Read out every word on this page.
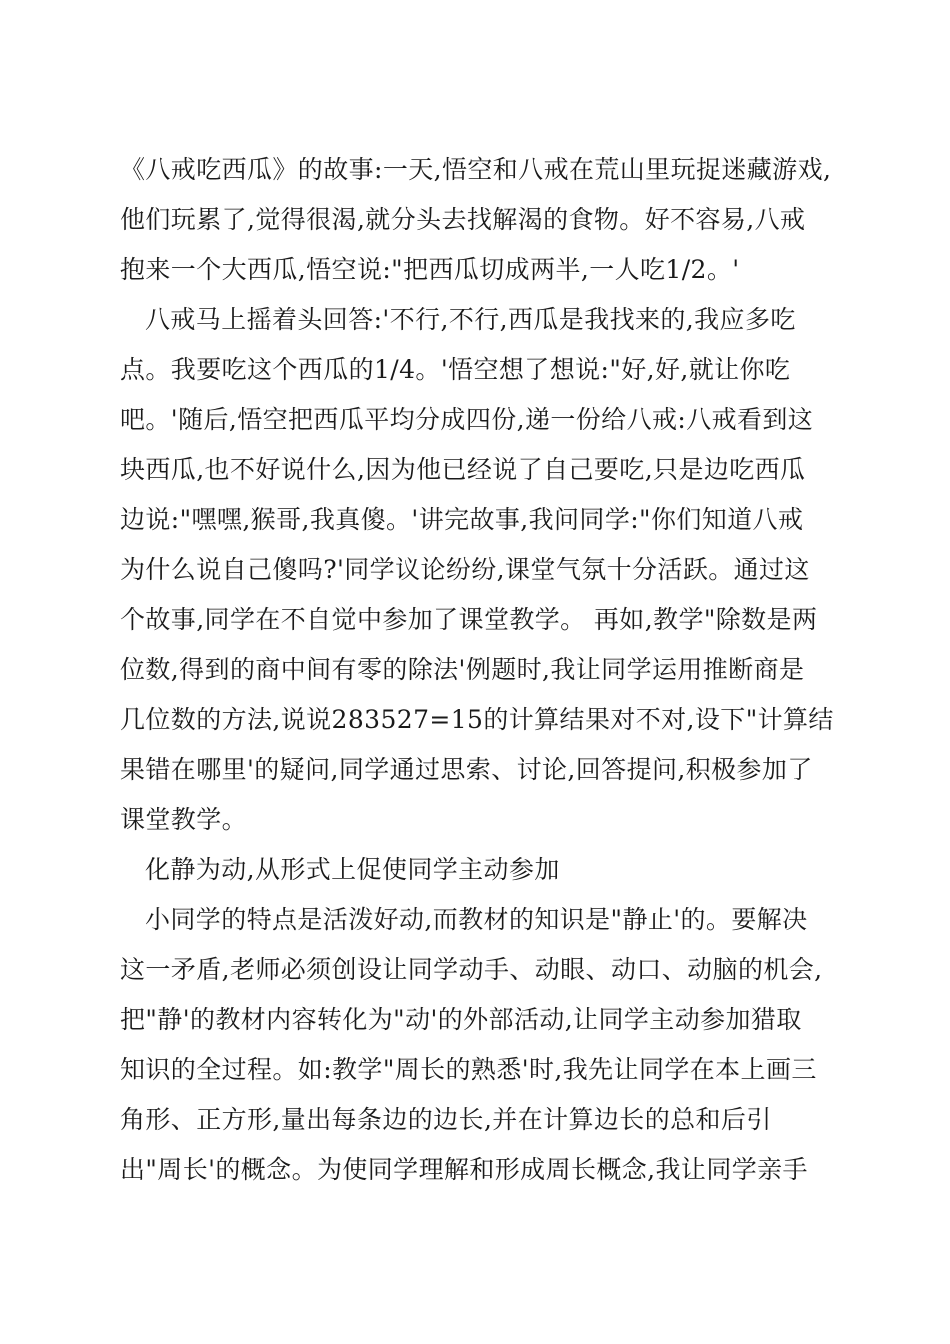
《八戒吃西瓜》的故事:一天,悟空和八戒在荒山里玩捉迷藏游戏,
他们玩累了,觉得很渴,就分头去找解渴的食物。好不容易,八戒
抱来一个大西瓜,悟空说:"把西瓜切成两半,一人吃1/2。'
八戒马上摇着头回答:'不行,不行,西瓜是我找来的,我应多吃
点。我要吃这个西瓜的1/4。'悟空想了想说:"好,好,就让你吃
吧。'随后,悟空把西瓜平均分成四份,递一份给八戒:八戒看到这
块西瓜,也不好说什么,因为他已经说了自己要吃,只是边吃西瓜
边说:"嘿嘿,猴哥,我真傻。'讲完故事,我问同学:"你们知道八戒
为什么说自己傻吗?'同学议论纷纷,课堂气氛十分活跃。通过这
个故事,同学在不自觉中参加了课堂教学。 再如,教学"除数是两
位数,得到的商中间有零的除法'例题时,我让同学运用推断商是
几位数的方法,说说283527=15的计算结果对不对,设下"计算结
果错在哪里'的疑问,同学通过思索、讨论,回答提问,积极参加了
课堂教学。
化静为动,从形式上促使同学主动参加
小同学的特点是活泼好动,而教材的知识是"静止'的。要解决
这一矛盾,老师必须创设让同学动手、动眼、动口、动脑的机会,
把"静'的教材内容转化为"动'的外部活动,让同学主动参加猎取
知识的全过程。如:教学"周长的熟悉'时,我先让同学在本上画三
角形、正方形,量出每条边的边长,并在计算边长的总和后引
出"周长'的概念。为使同学理解和形成周长概念,我让同学亲手
